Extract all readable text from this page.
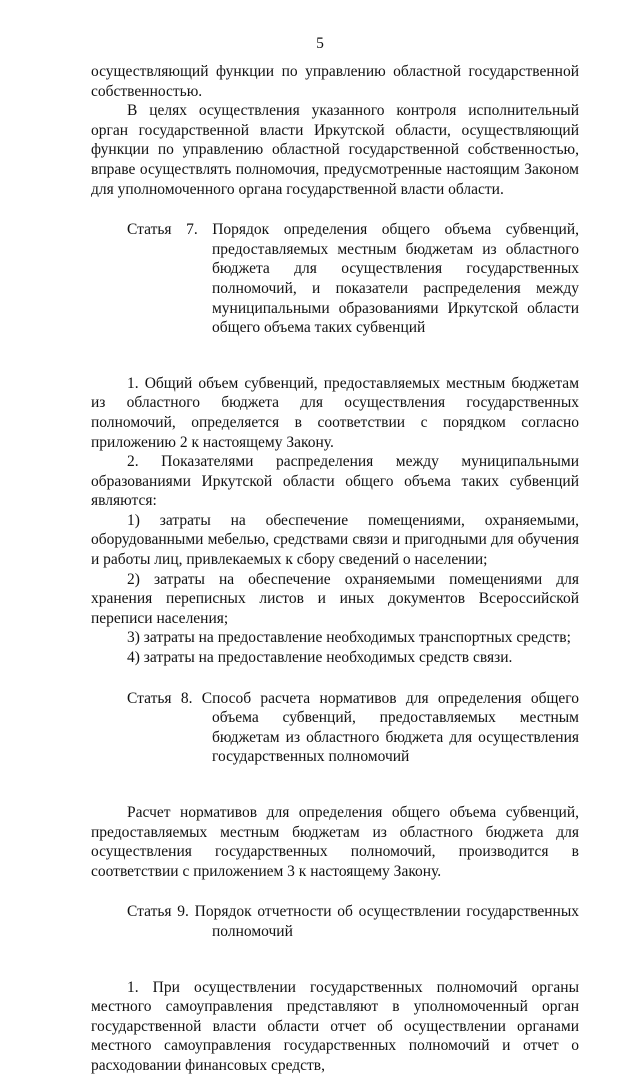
5

осуществляющий функции по управлению областной государственной собственностью.

В целях осуществления указанного контроля исполнительный орган государственной власти Иркутской области, осуществляющий функции по управлению областной государственной собственностью, вправе осуществлять полномочия, предусмотренные настоящим Законом для уполномоченного органа государственной власти области.

Статья 7. Порядок определения общего объема субвенций, предоставляемых местным бюджетам из областного бюджета для осуществления государственных полномочий, и показатели распределения между муниципальными образованиями Иркутской области общего объема таких субвенций

1. Общий объем субвенций, предоставляемых местным бюджетам из областного бюджета для осуществления государственных полномочий, определяется в соответствии с порядком согласно приложению 2 к настоящему Закону.

2. Показателями распределения между муниципальными образованиями Иркутской области общего объема таких субвенций являются:

1) затраты на обеспечение помещениями, охраняемыми, оборудованными мебелью, средствами связи и пригодными для обучения и работы лиц, привлекаемых к сбору сведений о населении;

2) затраты на обеспечение охраняемыми помещениями для хранения переписных листов и иных документов Всероссийской переписи населения;

3) затраты на предоставление необходимых транспортных средств;

4) затраты на предоставление необходимых средств связи.

Статья 8. Способ расчета нормативов для определения общего объема субвенций, предоставляемых местным бюджетам из областного бюджета для осуществления государственных полномочий

Расчет нормативов для определения общего объема субвенций, предоставляемых местным бюджетам из областного бюджета для осуществления государственных полномочий, производится в соответствии с приложением 3 к настоящему Закону.

Статья 9. Порядок отчетности об осуществлении государственных полномочий

1. При осуществлении государственных полномочий органы местного самоуправления представляют в уполномоченный орган государственной власти области отчет об осуществлении органами местного самоуправления государственных полномочий и отчет о расходовании финансовых средств,
